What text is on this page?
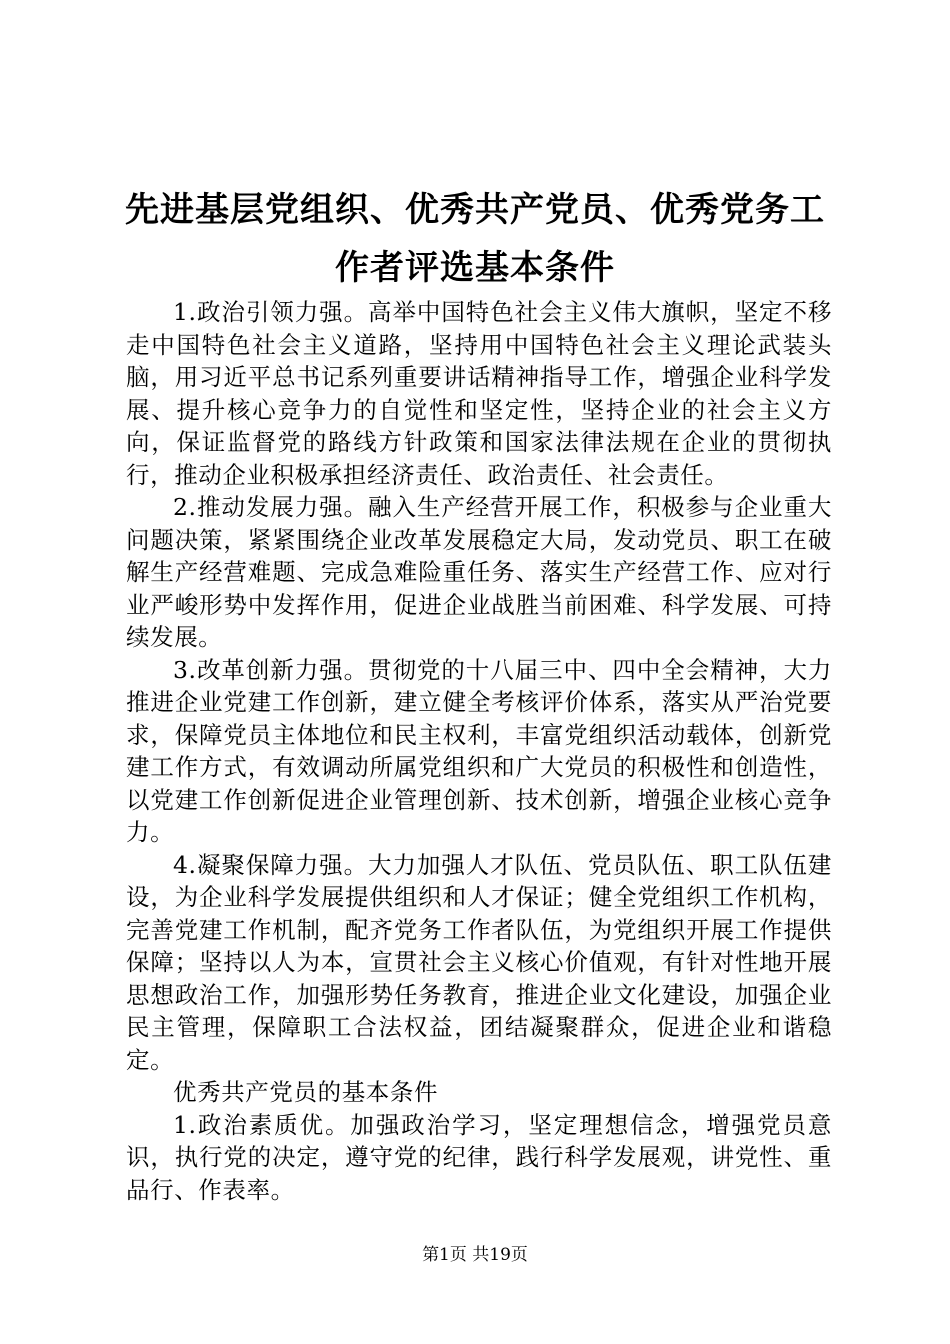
先进基层党组织、优秀共产党员、优秀党务工
作者评选基本条件

1.政治引领力强。高举中国特色社会主义伟大旗帜，坚定不移走中国特色社会主义道路，坚持用中国特色社会主义理论武装头脑，用习近平总书记系列重要讲话精神指导工作，增强企业科学发展、提升核心竞争力的自觉性和坚定性，坚持企业的社会主义方向，保证监督党的路线方针政策和国家法律法规在企业的贯彻执行，推动企业积极承担经济责任、政治责任、社会责任。

2.推动发展力强。融入生产经营开展工作，积极参与企业重大问题决策，紧紧围绕企业改革发展稳定大局，发动党员、职工在破解生产经营难题、完成急难险重任务、落实生产经营工作、应对行业严峻形势中发挥作用，促进企业战胜当前困难、科学发展、可持续发展。

3.改革创新力强。贯彻党的十八届三中、四中全会精神，大力推进企业党建工作创新，建立健全考核评价体系，落实从严治党要求，保障党员主体地位和民主权利，丰富党组织活动载体，创新党建工作方式，有效调动所属党组织和广大党员的积极性和创造性，以党建工作创新促进企业管理创新、技术创新，增强企业核心竞争力。

4.凝聚保障力强。大力加强人才队伍、党员队伍、职工队伍建设，为企业科学发展提供组织和人才保证；健全党组织工作机构，完善党建工作机制，配齐党务工作者队伍，为党组织开展工作提供保障；坚持以人为本，宣贯社会主义核心价值观，有针对性地开展思想政治工作，加强形势任务教育，推进企业文化建设，加强企业民主管理，保障职工合法权益，团结凝聚群众，促进企业和谐稳定。

优秀共产党员的基本条件

1.政治素质优。加强政治学习，坚定理想信念，增强党员意识，执行党的决定，遵守党的纪律，践行科学发展观，讲党性、重品行、作表率。

第1页 共19页
